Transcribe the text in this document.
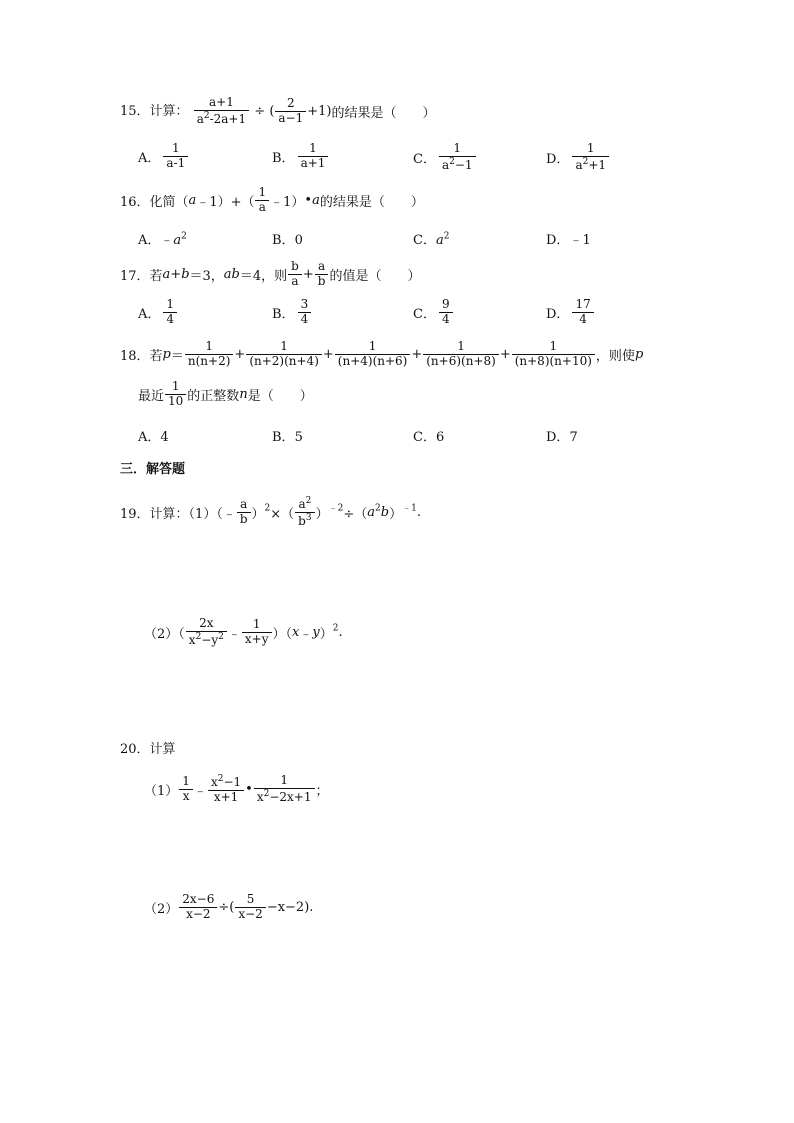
15．计算： $\frac{a+1}{a^2-2a+1}$ ÷ ( $\frac{2}{a-1} +1$)的结果是（　　）
A． $\frac{1}{a-1}$	B． $\frac{1}{a+1}$	C． $\frac{1}{a^2-1}$	D． $\frac{1}{a^2+1}$
16．化简（a﹣1）+（ $\frac{1}{a}$ ﹣1）•a的结果是（　　）
A．$﹣a^2$	B．0	C．$a^2$	D．﹣1
17．若a+b＝3，ab＝4，则 $\frac{b}{a} + \frac{a}{b}$ 的值是（　　）
A． $\frac{1}{4}$	B． $\frac{3}{4}$	C． $\frac{9}{4}$	D． $\frac{17}{4}$
18．若$p= \frac{1}{n(n+2)} + \frac{1}{(n+2)(n+4)} + \frac{1}{(n+4)(n+6)} + \frac{1}{(n+6)(n+8)} + \frac{1}{(n+8)(n+10)}$ ，则使p
最近 $\frac{1}{10}$ 的正整数n是（　　）
A．4	B．5	C．6	D．7
三．解答题
19．计算：（1）（﹣ $\frac{a}{b} )^2\times( \frac{a^2}{b^3} )^{﹣2}\div(a^2b)^{﹣1}$.
$(2)( \frac{2x}{x^2-y^2}$ ﹣ $\frac{1}{x+y}$ ）（x﹣y）$^2$.
20．计算
$(1) \frac{1}{x}$ ﹣ $\frac{x^2-1}{x+1}$ • $\frac{1}{x^2-2x+1}$ ；
$(2) \frac{2x-6}{x-2}$ ÷( $\frac{5}{x-2} -x-2$).
